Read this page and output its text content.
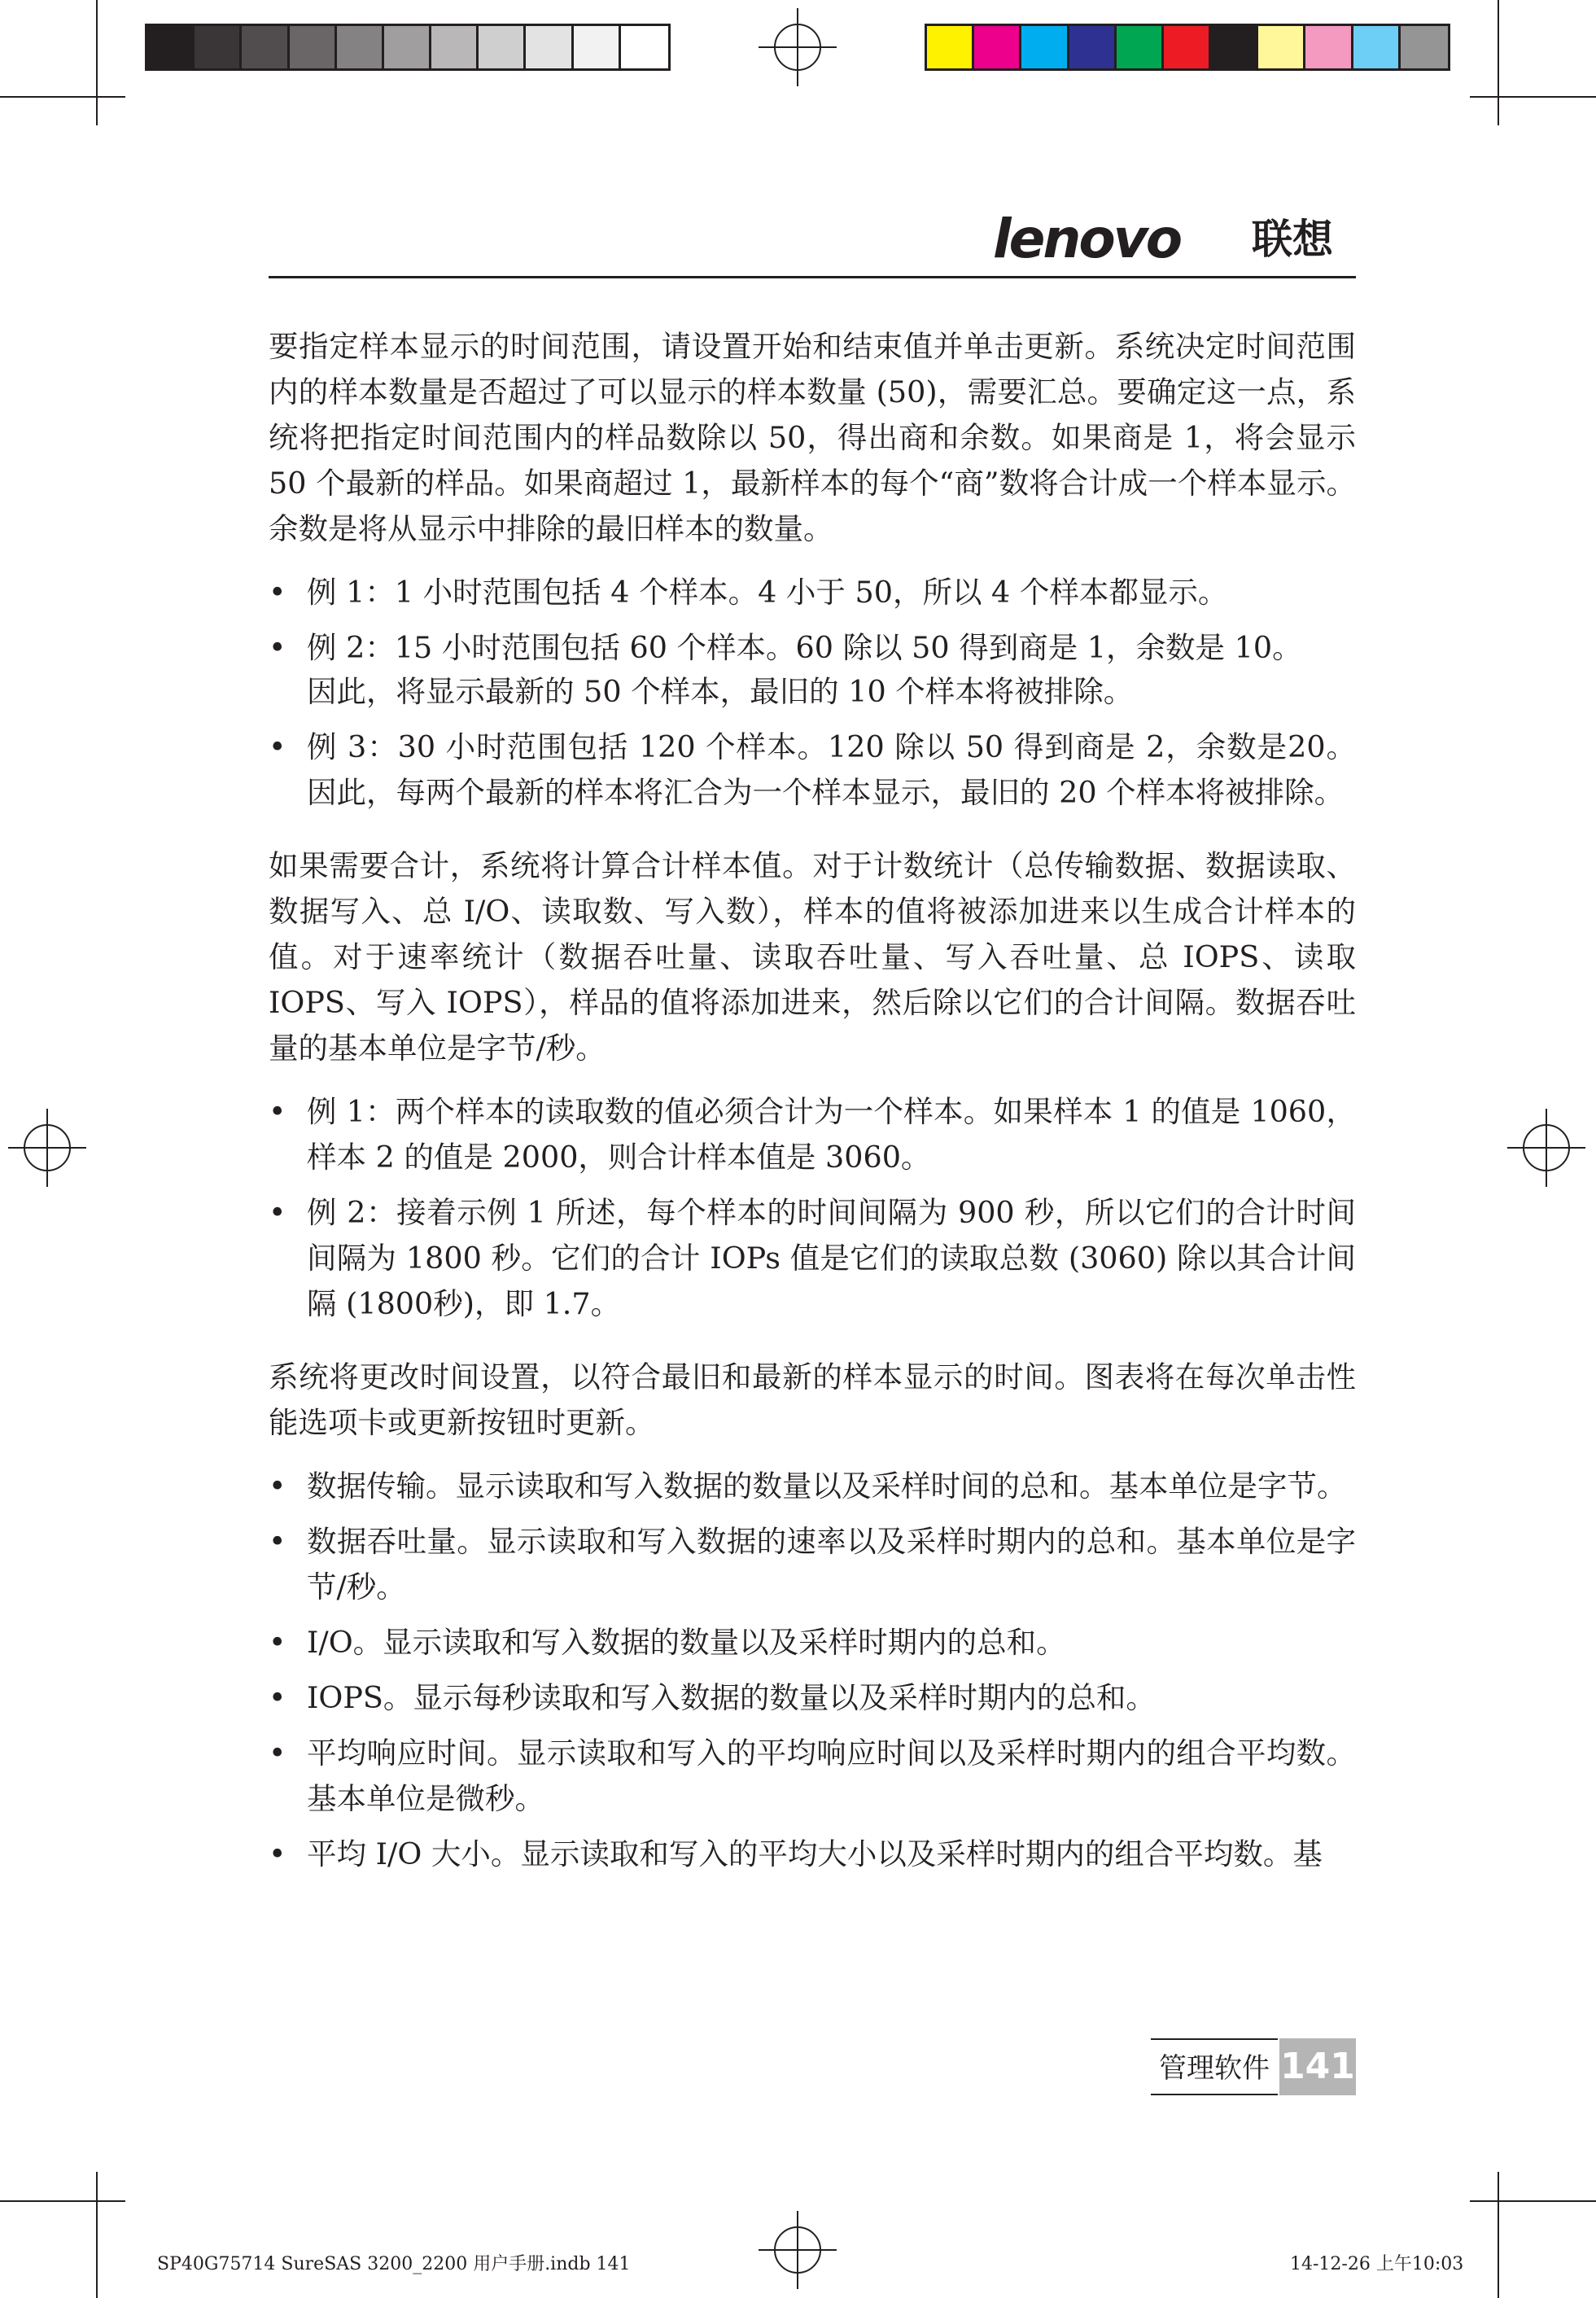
lenovo 联想

要指定样本显示的时间范围，请设置开始和结束值并单击更新。系统决定时间范围内的样本数量是否超过了可以显示的样本数量 (50)，需要汇总。要确定这一点，系统将把指定时间范围内的样品数除以 50，得出商和余数。如果商是 1，将会显示 50 个最新的样品。如果商超过 1，最新样本的每个“商”数将合计成一个样本显示。余数是将从显示中排除的最旧样本的数量。

• 例 1：1 小时范围包括 4 个样本。4 小于 50，所以 4 个样本都显示。
• 例 2：15 小时范围包括 60 个样本。60 除以 50 得到商是 1，余数是 10。
因此，将显示最新的 50 个样本，最旧的 10 个样本将被排除。
• 例 3：30 小时范围包括 120 个样本。120 除以 50 得到商是 2，余数是20。因此，每两个最新的样本将汇合为一个样本显示，最旧的 20 个样本将被排除。

如果需要合计，系统将计算合计样本值。对于计数统计（总传输数据、数据读取、数据写入、总 I/O、读取数、写入数），样本的值将被添加进来以生成合计样本的值。对于速率统计（数据吞吐量、读取吞吐量、写入吞吐量、总 IOPS、读取 IOPS、写入 IOPS），样品的值将添加进来，然后除以它们的合计间隔。数据吞吐量的基本单位是字节/秒。

• 例 1：两个样本的读取数的值必须合计为一个样本。如果样本 1 的值是 1060，样本 2 的值是 2000，则合计样本值是 3060。
• 例 2：接着示例 1 所述，每个样本的时间间隔为 900 秒，所以它们的合计时间间隔为 1800 秒。它们的合计 IOPs 值是它们的读取总数 (3060) 除以其合计间隔 (1800秒)，即 1.7。

系统将更改时间设置，以符合最旧和最新的样本显示的时间。图表将在每次单击性能选项卡或更新按钮时更新。

• 数据传输。显示读取和写入数据的数量以及采样时间的总和。基本单位是字节。
• 数据吞吐量。显示读取和写入数据的速率以及采样时期内的总和。基本单位是字节/秒。
• I/O。显示读取和写入数据的数量以及采样时期内的总和。
• IOPS。显示每秒读取和写入数据的数量以及采样时期内的总和。
• 平均响应时间。显示读取和写入的平均响应时间以及采样时期内的组合平均数。基本单位是微秒。
• 平均 I/O 大小。显示读取和写入的平均大小以及采样时期内的组合平均数。基
管理软件 141
SP40G75714 SureSAS 3200_2200 用户手册.indb 141	14-12-26 上午10:03
